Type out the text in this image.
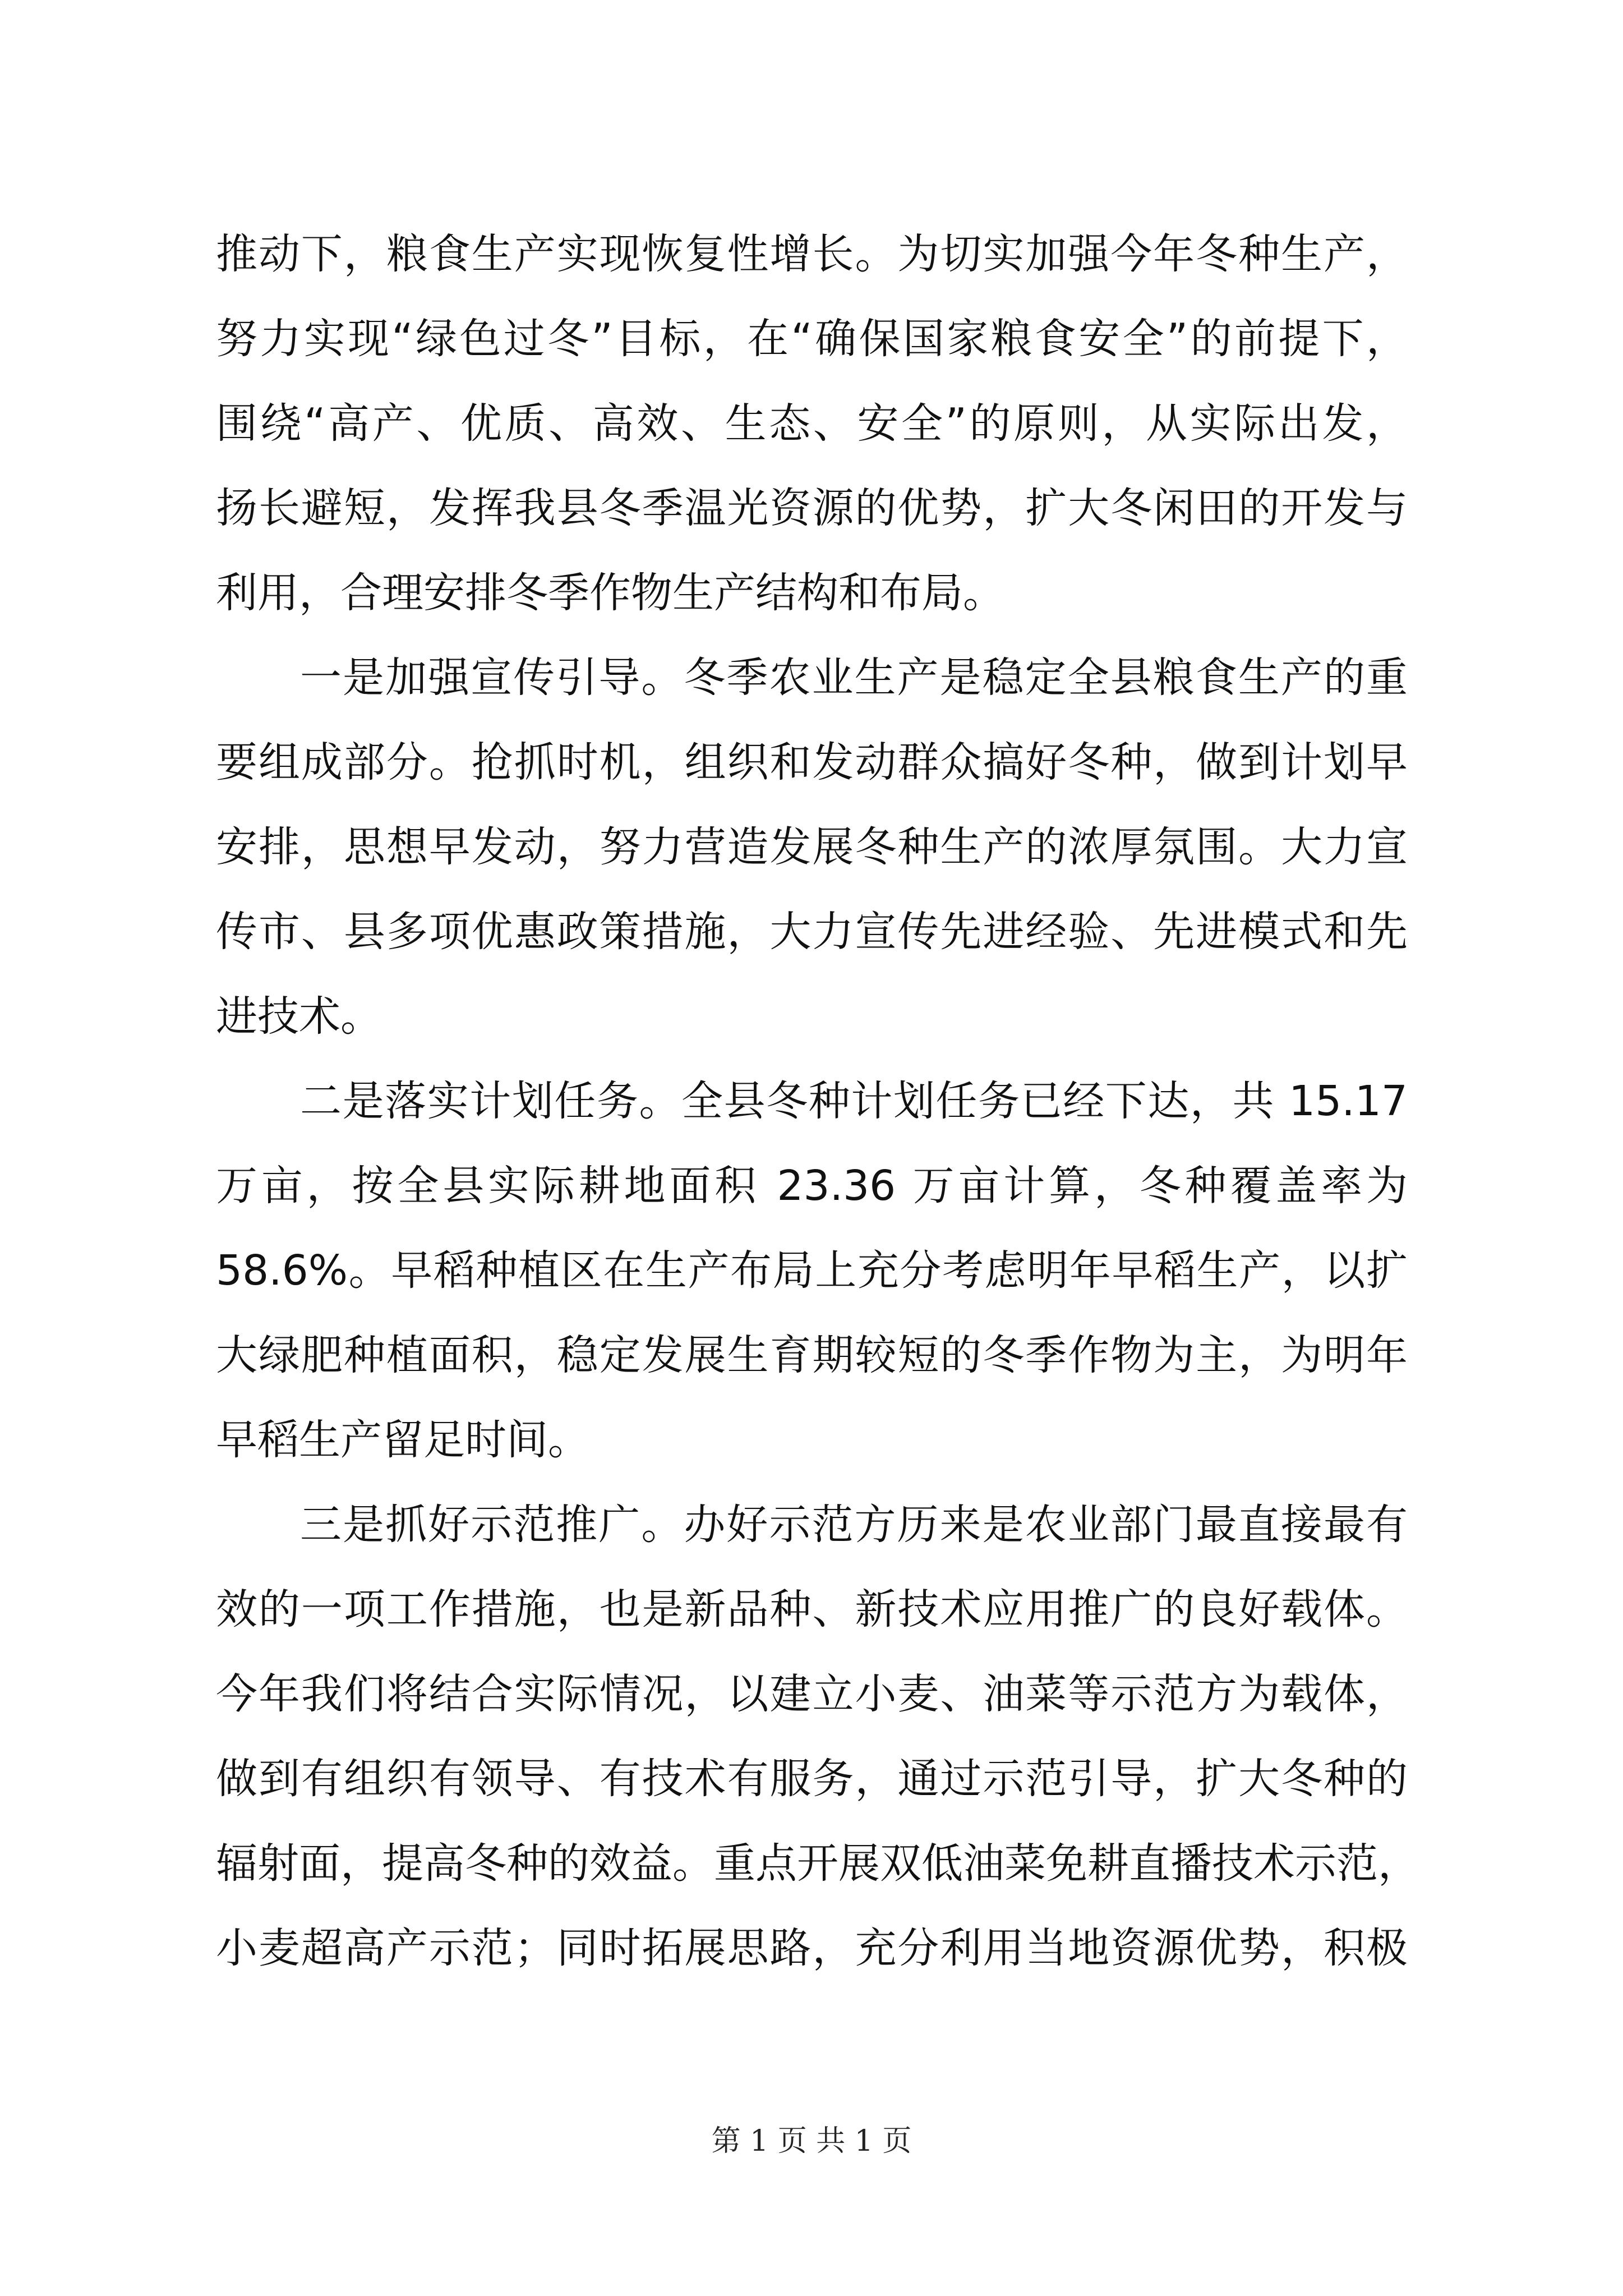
推动下，粮食生产实现恢复性增长。为切实加强今年冬种生产，
努力实现“绿色过冬”目标，在“确保国家粮食安全”的前提下，
围绕“高产、优质、高效、生态、安全”的原则，从实际出发，
扬长避短，发挥我县冬季温光资源的优势，扩大冬闲田的开发与
利用，合理安排冬季作物生产结构和布局。
一是加强宣传引导。冬季农业生产是稳定全县粮食生产的重
要组成部分。抢抓时机，组织和发动群众搞好冬种，做到计划早
安排，思想早发动，努力营造发展冬种生产的浓厚氛围。大力宣
传市、县多项优惠政策措施，大力宣传先进经验、先进模式和先
进技术。
二是落实计划任务。全县冬种计划任务已经下达，共 15.17
万亩，按全县实际耕地面积 23.36 万亩计算，冬种覆盖率为
58.6%。早稻种植区在生产布局上充分考虑明年早稻生产，以扩
大绿肥种植面积，稳定发展生育期较短的冬季作物为主，为明年
早稻生产留足时间。
三是抓好示范推广。办好示范方历来是农业部门最直接最有
效的一项工作措施，也是新品种、新技术应用推广的良好载体。
今年我们将结合实际情况，以建立小麦、油菜等示范方为载体，
做到有组织有领导、有技术有服务，通过示范引导，扩大冬种的
辐射面，提高冬种的效益。重点开展双低油菜免耕直播技术示范，
小麦超高产示范；同时拓展思路，充分利用当地资源优势，积极
第 1 页 共 1 页
